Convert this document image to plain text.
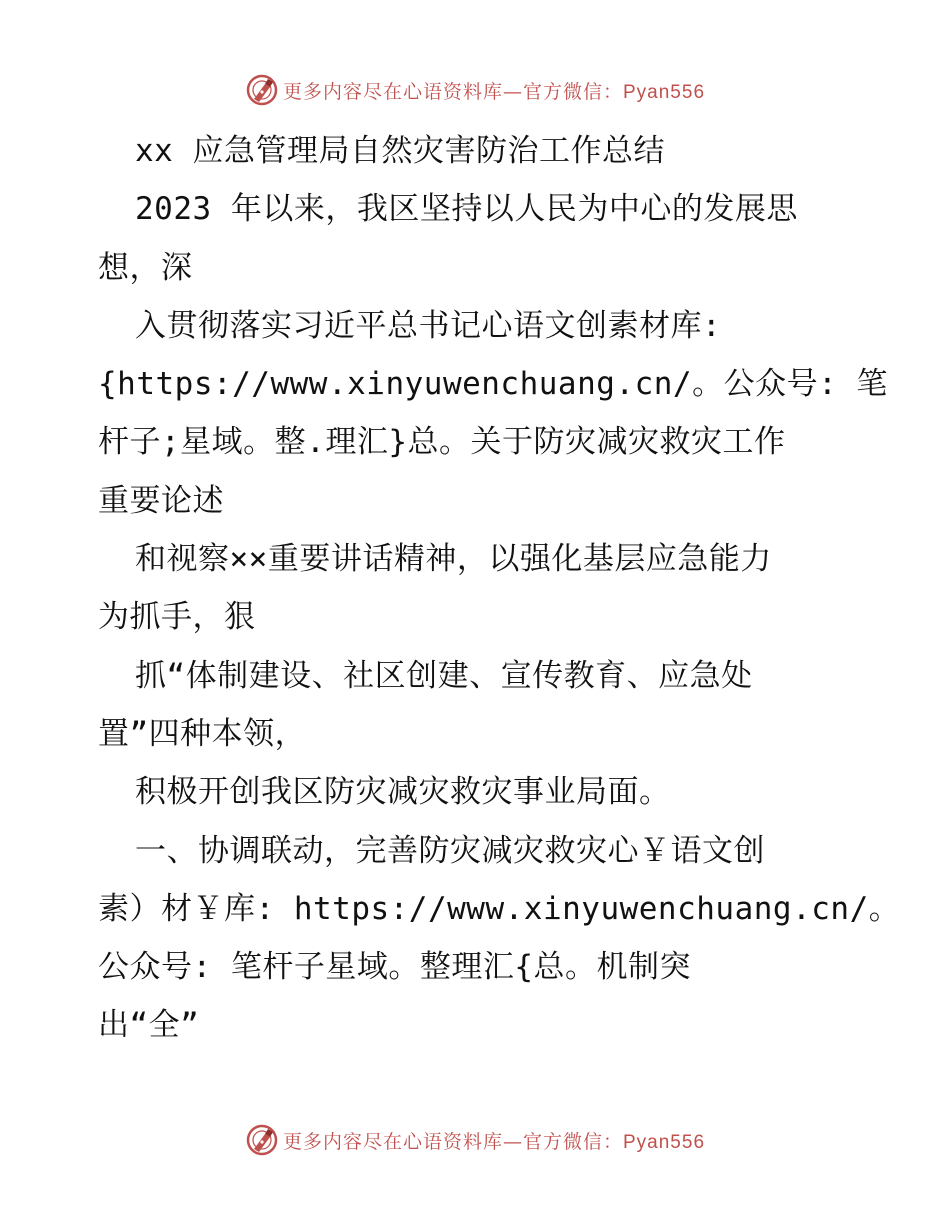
更多内容尽在心语资料库—官方微信：Pyan556
xx 应急管理局自然灾害防治工作总结
2023 年以来，我区坚持以人民为中心的发展思
想，深
入贯彻落实习近平总书记心语文创素材库:
{https://www.xinyuwenchuang.cn/。公众号: 笔
杆子;星域。整.理汇}总。关于防灾减灾救灾工作
重要论述
和视察××重要讲话精神，以强化基层应急能力
为抓手，狠
抓“体制建设、社区创建、宣传教育、应急处
置”四种本领，
积极开创我区防灾减灾救灾事业局面。
一、协调联动，完善防灾减灾救灾心￥语文创
素）材￥库: https://www.xinyuwenchuang.cn/。
公众号: 笔杆子星域。整理汇{总。机制突
出“全”
更多内容尽在心语资料库—官方微信：Pyan556
